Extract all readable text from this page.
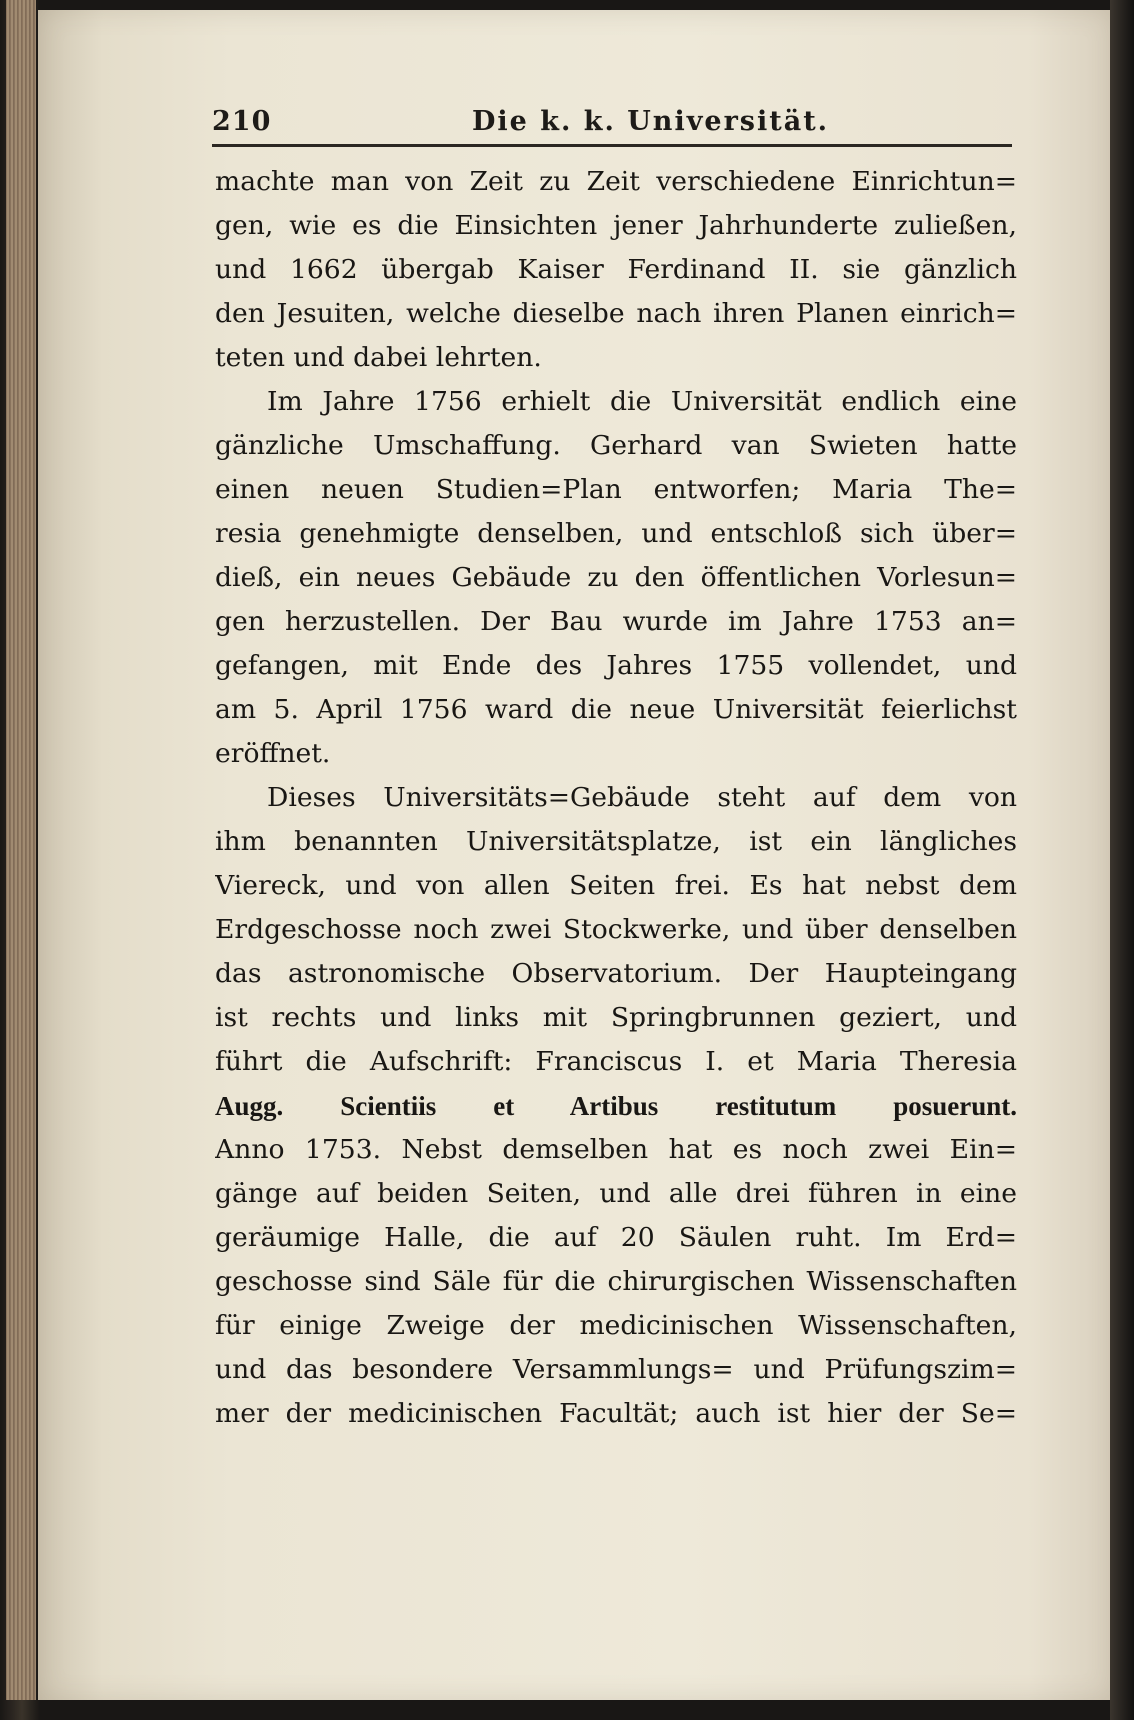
210	Die k. k. Universität.
machte man von Zeit zu Zeit verschiedene Einrichtun=
gen, wie es die Einsichten jener Jahrhunderte zuließen,
und 1662 übergab Kaiser Ferdinand II. sie gänzlich
den Jesuiten, welche dieselbe nach ihren Planen einrich=
teten und dabei lehrten.
Im Jahre 1756 erhielt die Universität endlich eine
gänzliche Umschaffung. Gerhard van Swieten hatte
einen neuen Studien=Plan entworfen; Maria The=
resia genehmigte denselben, und entschloß sich über=
dieß, ein neues Gebäude zu den öffentlichen Vorlesun=
gen herzustellen. Der Bau wurde im Jahre 1753 an=
gefangen, mit Ende des Jahres 1755 vollendet, und
am 5. April 1756 ward die neue Universität feierlichst
eröffnet.
Dieses Universitäts=Gebäude steht auf dem von
ihm benannten Universitätsplatze, ist ein längliches
Viereck, und von allen Seiten frei. Es hat nebst dem
Erdgeschosse noch zwei Stockwerke, und über denselben
das astronomische Observatorium. Der Haupteingang
ist rechts und links mit Springbrunnen geziert, und
führt die Aufschrift: Franciscus I. et Maria Theresia
Augg. Scientiis et Artibus restitutum posuerunt.
Anno 1753. Nebst demselben hat es noch zwei Ein=
gänge auf beiden Seiten, und alle drei führen in eine
geräumige Halle, die auf 20 Säulen ruht. Im Erd=
geschosse sind Säle für die chirurgischen Wissenschaften
für einige Zweige der medicinischen Wissenschaften,
und das besondere Versammlungs= und Prüfungszim=
mer der medicinischen Facultät; auch ist hier der Se=
